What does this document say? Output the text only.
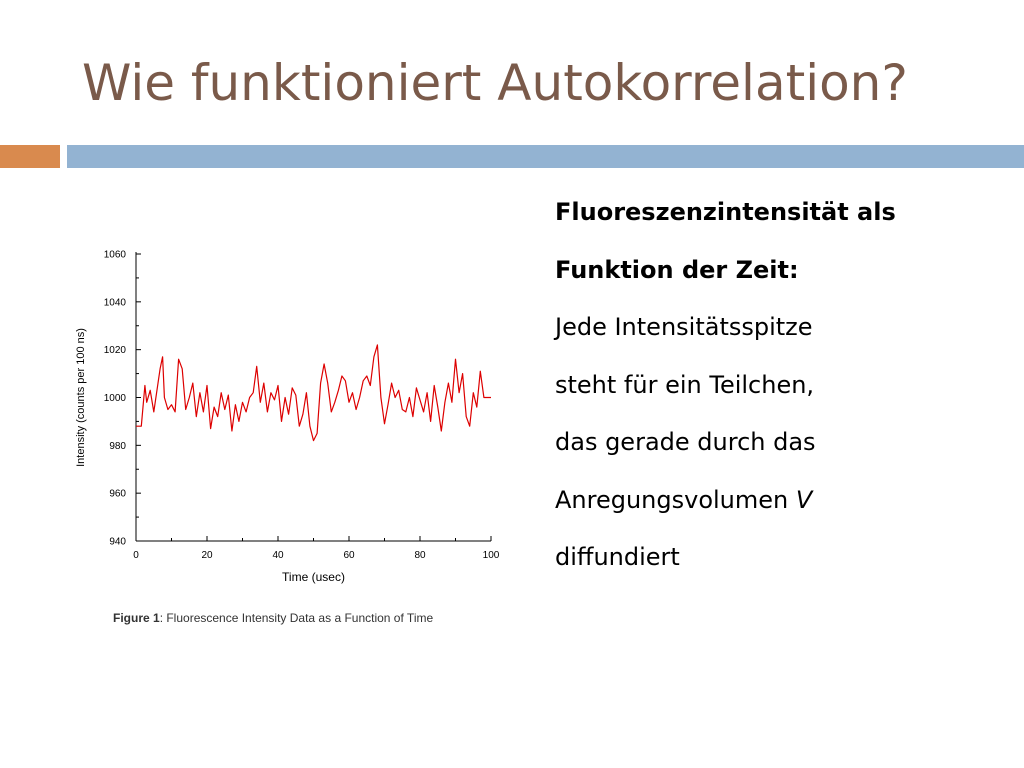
Wie funktioniert Autokorrelation?
Fluoreszenzintensität als
Funktion der Zeit:
Jede Intensitätsspitze
steht für ein Teilchen,
das gerade durch das
Anregungsvolumen V
diffundiert
0	20	40	60	80	100
940
960
980
1000
1020
1040
1060
Time (usec)
Intensity (counts per 100 ns)
Figure 1: Fluorescence Intensity Data as a Function of Time
